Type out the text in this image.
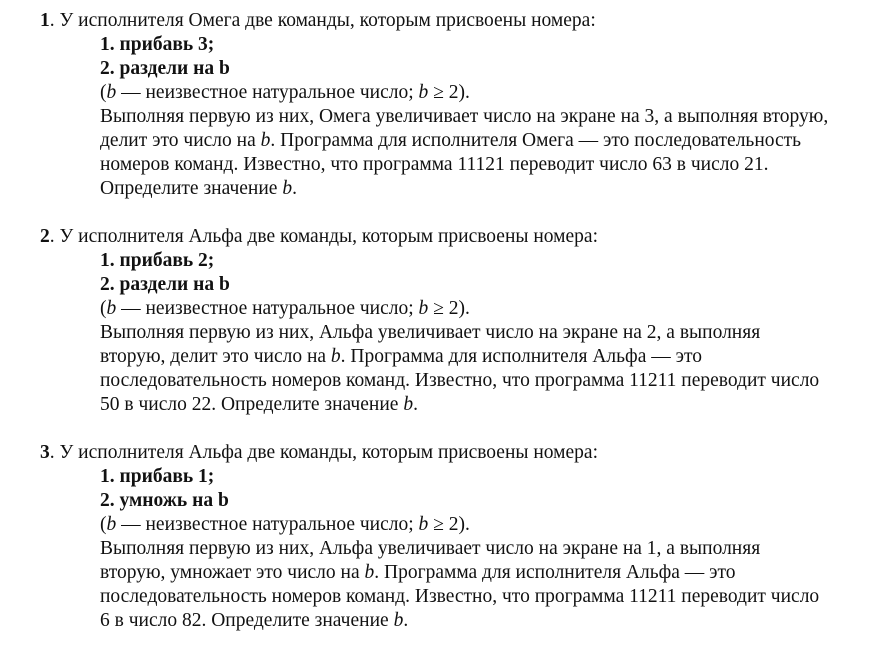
1. У исполнителя Омега две команды, которым присвоены номера:
1. прибавь 3;
2. раздели на b
(b — неизвестное натуральное число; b ≥ 2).

Выполняя первую из них, Омега увеличивает число на экране на 3, а выполняя вторую, делит это число на b. Программа для исполнителя Омега — это последовательность номеров команд. Известно, что программа 11121 переводит число 63 в число 21. Определите значение b.

2. У исполнителя Альфа две команды, которым присвоены номера:
1. прибавь 2;
2. раздели на b
(b — неизвестное натуральное число; b ≥ 2).

Выполняя первую из них, Альфа увеличивает число на экране на 2, а выполняя вторую, делит это число на b. Программа для исполнителя Альфа — это последовательность номеров команд. Известно, что программа 11211 переводит число 50 в число 22. Определите значение b.

3. У исполнителя Альфа две команды, которым присвоены номера:
1. прибавь 1;
2. умножь на b
(b — неизвестное натуральное число; b ≥ 2).

Выполняя первую из них, Альфа увеличивает число на экране на 1, а выполняя вторую, умножает это число на b. Программа для исполнителя Альфа — это последовательность номеров команд. Известно, что программа 11211 переводит число 6 в число 82. Определите значение b.
